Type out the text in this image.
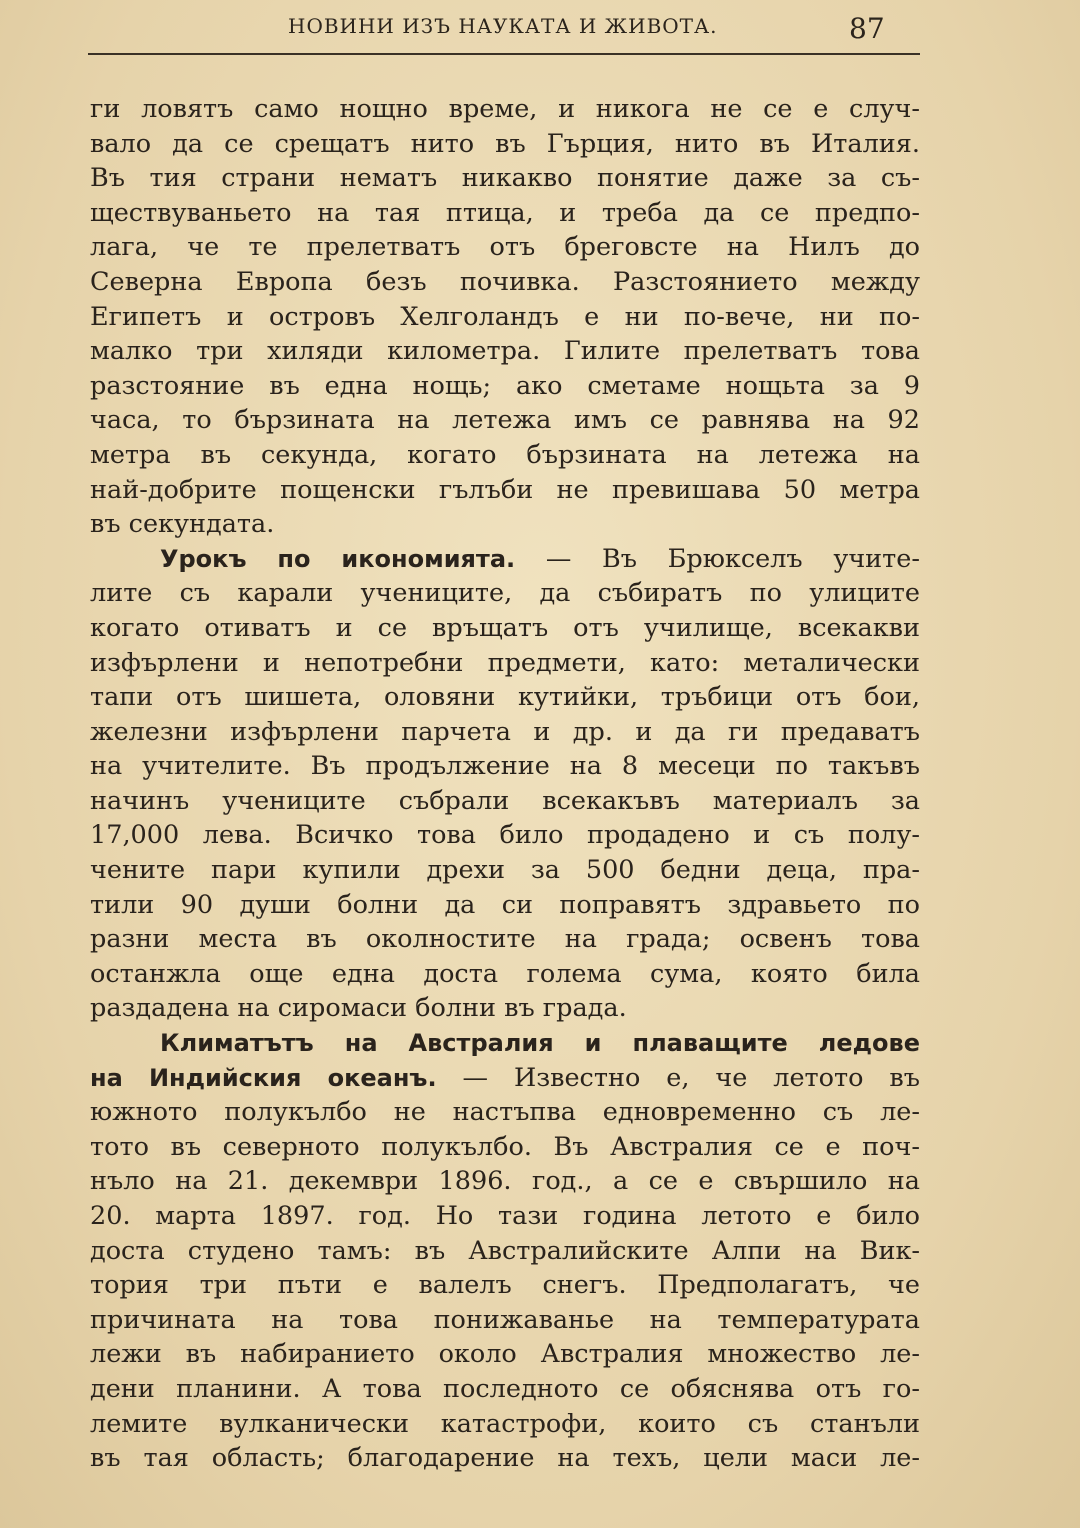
НОВИНИ ИЗЪ НАУКАТА И ЖИВОТА.	87
ги ловятъ само нощно време, и никога не се е случ-
вало да се срещатъ нито въ Гърция, нито въ Италия.
Въ тия страни нематъ никакво понятие даже за съ-
ществуваньето на тая птица, и треба да се предпо-
лага, че те прелетватъ отъ бреговсте на Нилъ до
Северна Европа безъ почивка. Разстоянието между
Египетъ и островъ Хелголандъ е ни по-вече, ни по-
малко три хиляди километра. Гилите прелетватъ това
разстояние въ една нощь; ако сметаме нощьта за 9
часа, то бързината на летежа имъ се равнява на 92
метра въ секунда, когато бързината на летежа на
най-добрите пощенски гълъби не превишава 50 метра
въ секундата.
Урокъ по икономията. — Въ Брюкселъ учите-
лите съ карали учениците, да събиратъ по улиците
когато отиватъ и се връщатъ отъ училище, всекакви
изфърлени и непотребни предмети, като: металически
тапи отъ шишета, оловяни кутийки, тръбици отъ бои,
железни изфърлени парчета и др. и да ги предаватъ
на учителите. Въ продължение на 8 месеци по такъвъ
начинъ учениците събрали всекакъвъ материалъ за
17,000 лева. Всичко това било продадено и съ полу-
чените пари купили дрехи за 500 бедни деца, пра-
тили 90 души болни да си поправятъ здравьето по
разни места въ околностите на града; освенъ това
останжла още една доста голема сума, която била
раздадена на сиромаси болни въ града.
Климатътъ на Австралия и плаващите ледове
на Индийския океанъ. — Известно е, че летото въ
южното полукълбо не настъпва едновременно съ ле-
тото въ северното полукълбо. Въ Австралия се е поч-
нъло на 21. декември 1896. год., а се е свършило на
20. марта 1897. год. Но тази година летото е било
доста студено тамъ: въ Австралийските Алпи на Вик-
тория три пъти е валелъ снегъ. Предполагатъ, че
причината на това понижаванье на температурата
лежи въ набиранието около Австралия множество ле-
дени планини. А това последното се обяснява отъ го-
лемите вулканически катастрофи, които съ станъли
въ тая область; благодарение на техъ, цели маси ле-
